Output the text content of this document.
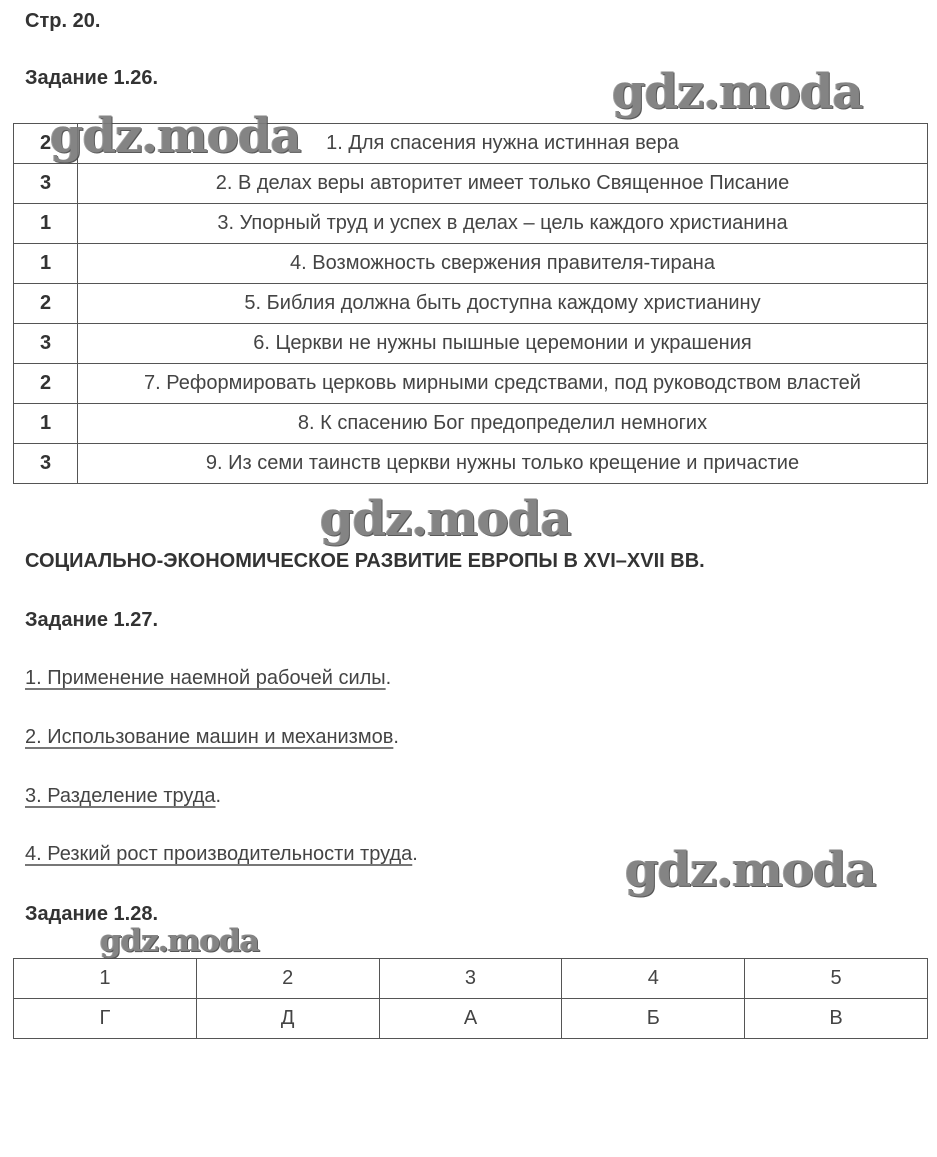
Стр. 20.
Задание 1.26.
2	1. Для спасения нужна истинная вера
3	2. В делах веры авторитет имеет только Священное Писание
1	3. Упорный труд и успех в делах – цель каждого христианина
1	4. Возможность свержения правителя-тирана
2	5. Библия должна быть доступна каждому христианину
3	6. Церкви не нужны пышные церемонии и украшения
2	7. Реформировать церковь мирными средствами, под руководством властей
1	8. К спасению Бог предопределил немногих
3	9. Из семи таинств церкви нужны только крещение и причастие
СОЦИАЛЬНО-ЭКОНОМИЧЕСКОЕ РАЗВИТИЕ ЕВРОПЫ В XVI–XVII ВВ.
Задание 1.27.
1. Применение наемной рабочей силы.
2. Использование машин и механизмов.
3. Разделение труда.
4. Резкий рост производительности труда.
Задание 1.28.
1	2	3	4	5
Г	Д	А	Б	В
gdz.moda
gdz.moda
gdz.moda
gdz.moda
gdz.moda
